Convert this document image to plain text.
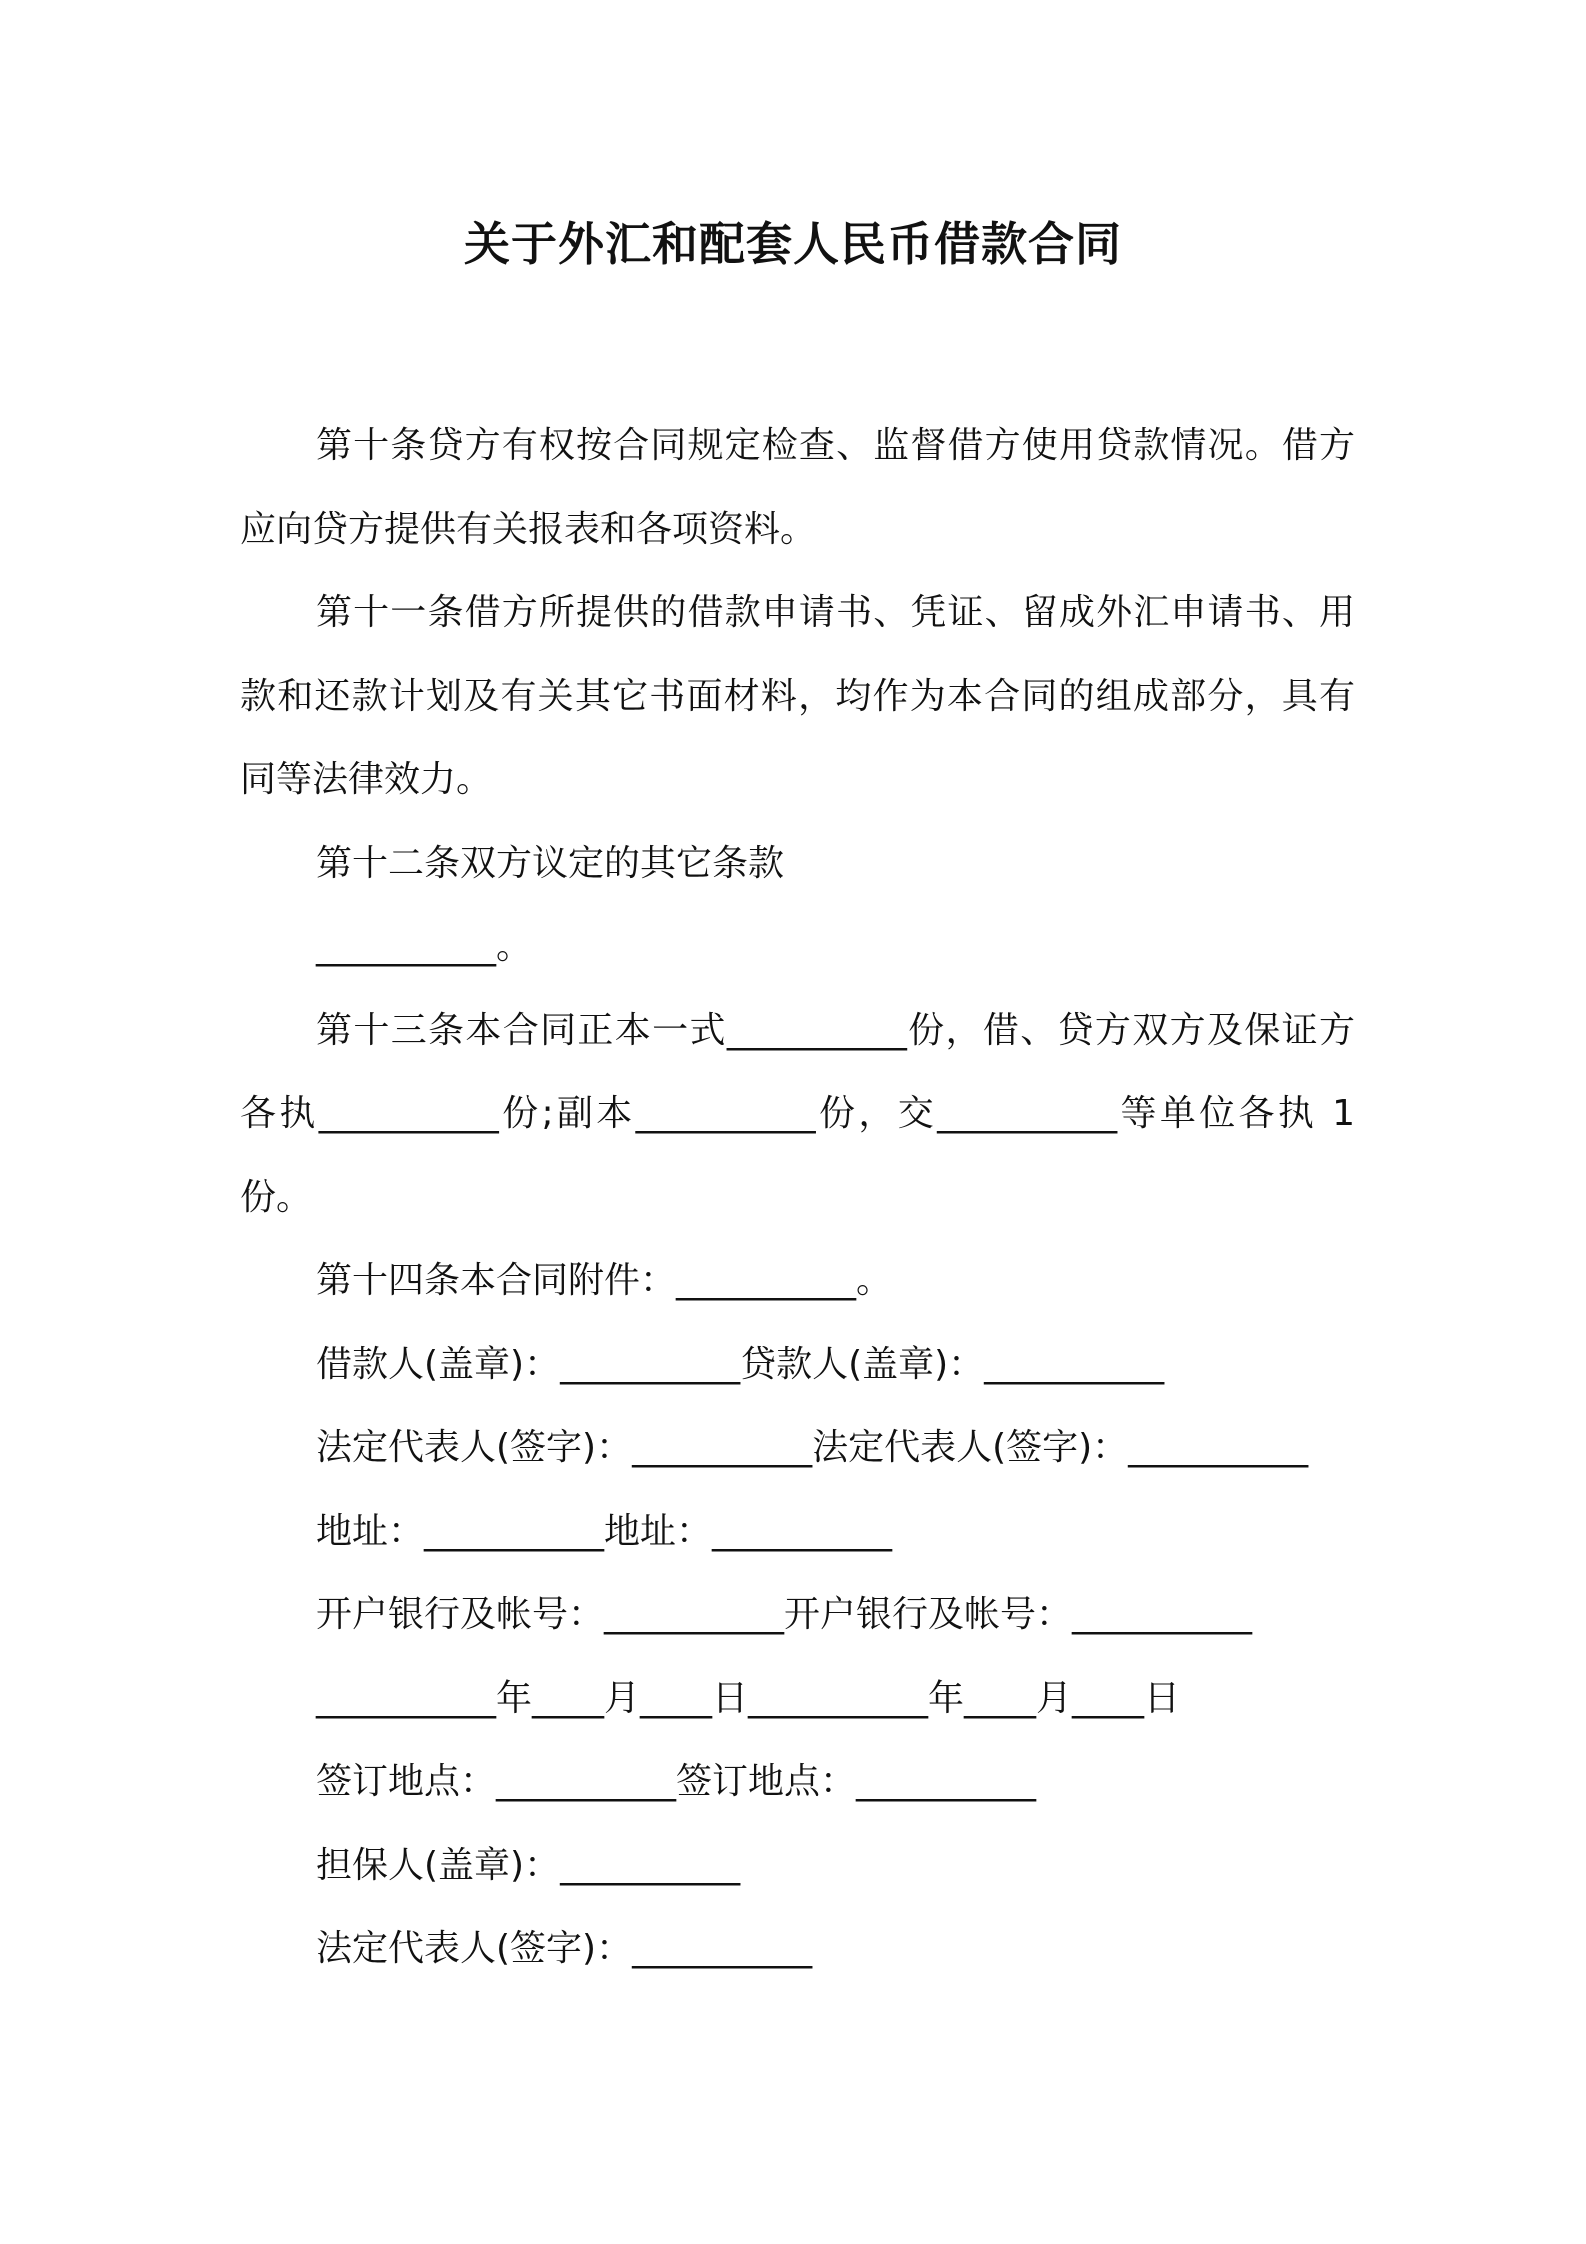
关于外汇和配套人民币借款合同

第十条贷方有权按合同规定检查、监督借方使用贷款情况。借方应向贷方提供有关报表和各项资料。

第十一条借方所提供的借款申请书、凭证、留成外汇申请书、用款和还款计划及有关其它书面材料，均作为本合同的组成部分，具有同等法律效力。

第十二条双方议定的其它条款

__________。

第十三条本合同正本一式__________份，借、贷方双方及保证方各执__________份;副本__________份，交__________等单位各执 1 份。

第十四条本合同附件：__________。

借款人(盖章)：__________贷款人(盖章)：__________

法定代表人(签字)：__________法定代表人(签字)：__________

地址：__________地址：__________

开户银行及帐号：__________开户银行及帐号：__________

__________年____月____日__________年____月____日

签订地点：__________签订地点：__________

担保人(盖章)：__________

法定代表人(签字)：__________
